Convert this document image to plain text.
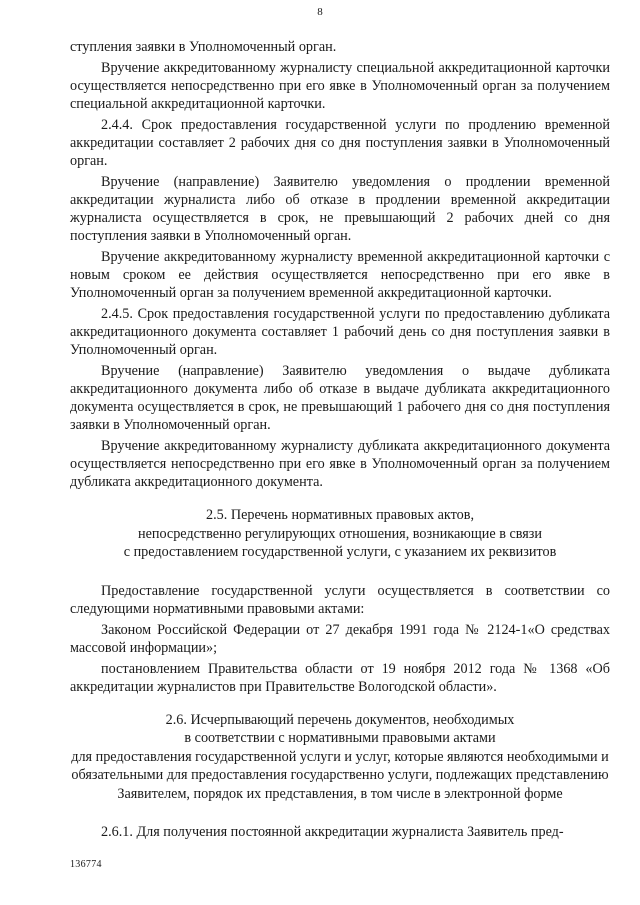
8

ступления заявки в Уполномоченный орган.

Вручение аккредитованному журналисту специальной аккредитационной карточки осуществляется непосредственно при его явке в Уполномоченный орган за получением специальной аккредитационной карточки.

2.4.4. Срок предоставления государственной услуги по продлению временной аккредитации составляет 2 рабочих дня со дня поступления заявки в Уполномоченный орган.

Вручение (направление) Заявителю уведомления о продлении временной аккредитации журналиста либо об отказе в продлении временной аккредитации журналиста осуществляется в срок, не превышающий 2 рабочих дней со дня поступления заявки в Уполномоченный орган.

Вручение аккредитованному журналисту временной аккредитационной карточки с новым сроком ее действия осуществляется непосредственно при его явке в Уполномоченный орган за получением временной аккредитационной карточки.

2.4.5. Срок предоставления государственной услуги по предоставлению дубликата аккредитационного документа составляет 1 рабочий день со дня поступления заявки в Уполномоченный орган.

Вручение (направление) Заявителю уведомления о выдаче дубликата аккредитационного документа либо об отказе в выдаче дубликата аккредитационного документа осуществляется в срок, не превышающий 1 рабочего дня со дня поступления заявки в Уполномоченный орган.

Вручение аккредитованному журналисту дубликата аккредитационного документа осуществляется непосредственно при его явке в Уполномоченный орган за получением дубликата аккредитационного документа.

2.5. Перечень нормативных правовых актов,
непосредственно регулирующих отношения, возникающие в связи
с предоставлением государственной услуги, с указанием их реквизитов

Предоставление государственной услуги осуществляется в соответствии со следующими нормативными правовыми актами:

Законом Российской Федерации от 27 декабря 1991 года № 2124-1«О средствах массовой информации»;

постановлением Правительства области от 19 ноября 2012 года № 1368 «Об аккредитации журналистов при Правительстве Вологодской области».

2.6. Исчерпывающий перечень документов, необходимых
в соответствии с нормативными правовыми актами
для предоставления государственной услуги и услуг, которые являются необходимыми и обязательными для предоставления государственно услуги, подлежащих представлению Заявителем, порядок их представления, в том числе в электронной форме

2.6.1. Для получения постоянной аккредитации журналиста Заявитель пред-

136774
